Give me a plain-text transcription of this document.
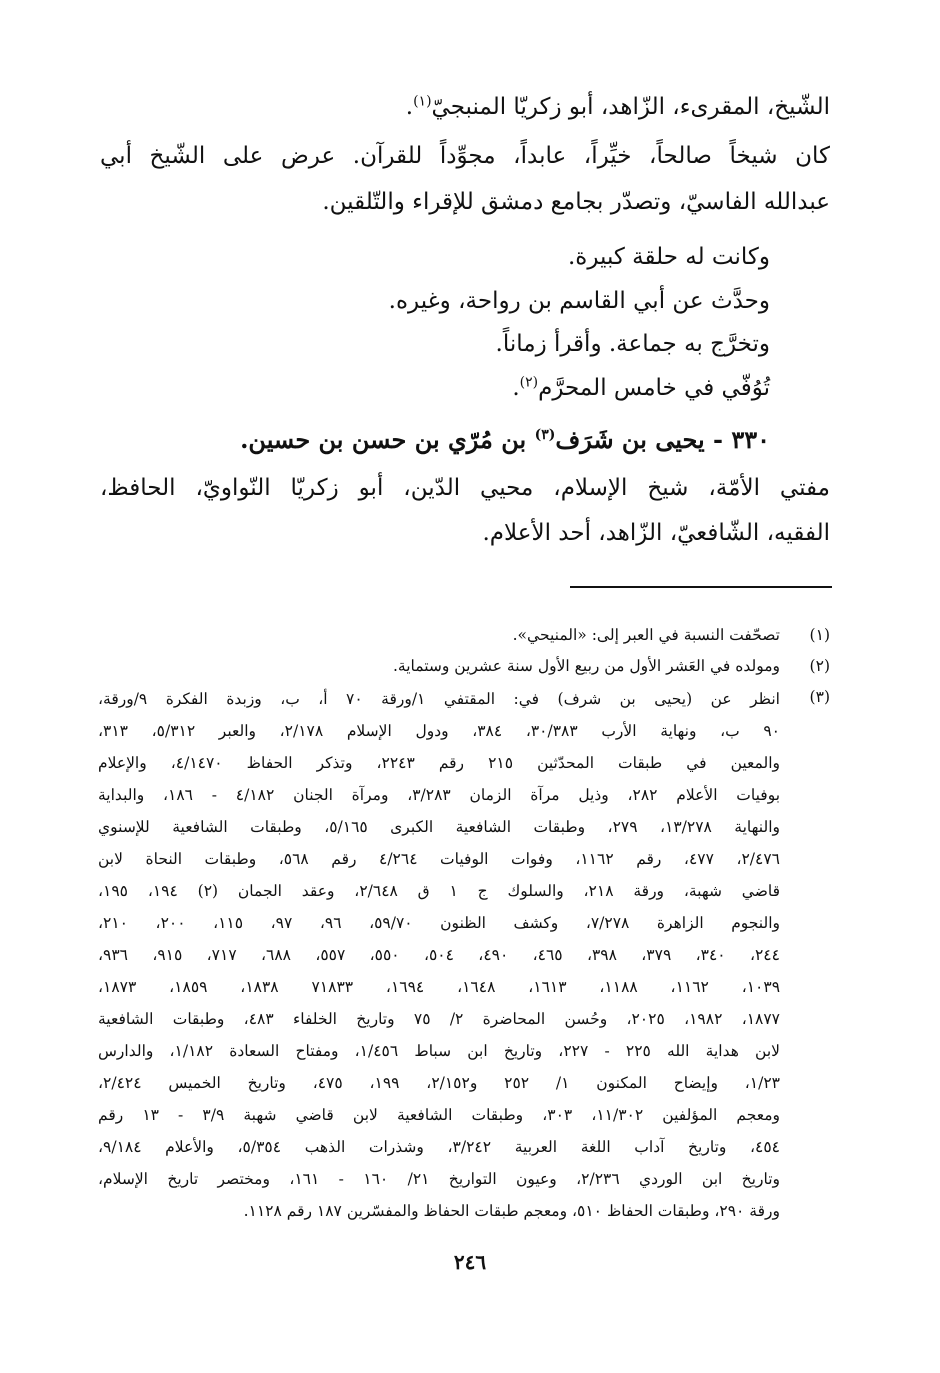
الشّيخ، المقرىء، الزّاهد، أبو زكريّا المنبجيّ$^{(١)}$.
كان شيخاً صالحاً، خيِّراً، عابداً، مجوِّداً للقرآن. عرض على الشّيخ أبي
عبدالله الفاسيّ، وتصدّر بجامع دمشق للإقراء والتّلقين.
وكانت له حلقة كبيرة.
وحدَّث عن أبي القاسم بن رواحة، وغيره.
وتخرَّج به جماعة. وأقرأ زماناً.
تُوُفّي في خامس المحرَّم$^{(٢)}$.
٣٣٠ - يحيى بن شَرَف$^{(٣)}$ بن مُرّي بن حسن بن حسين.
مفتي الأمّة، شيخ الإسلام، محيي الدّين، أبو زكريّا النّواويّ، الحافظ،
الفقيه، الشّافعيّ، الزّاهد، أحد الأعلام.
(١)
تصحّفت النسبة في العبر إلى: «المنيحي».
(٢)
ومولده في العَشر الأول من ربيع الأول سنة عشرين وستماية.
(٣)
انظر عن (يحيى بن شرف) في: المقتفي ١/ورقة ٧٠ أ، ب، وزبدة الفكرة ٩/ورقة،
٩٠ ب، ونهاية الأرب ٣٠/٣٨٣، ٣٨٤، ودول الإسلام ٢/١٧٨، والعبر ٥/٣١٢، ٣١٣،
والمعين في طبقات المحدّثين ٢١٥ رقم ٢٢٤٣، وتذكر الحفاظ ٤/١٤٧٠، والإعلام
بوفيات الأعلام ٢٨٢، وذيل مرآة الزمان ٣/٢٨٣، ومرآة الجنان ٤/١٨٢ - ١٨٦، والبداية
والنهاية ١٣/٢٧٨، ٢٧٩، وطبقات الشافعية الكبرى ٥/١٦٥، وطبقات الشافعية للإسنوي
٢/٤٧٦، ٤٧٧، رقم ١١٦٢، وفوات الوفيات ٤/٢٦٤ رقم ٥٦٨، وطبقات النحاة لابن
قاضي شهبة، ورقة ٢١٨، والسلوك ج ١ ق ٢/٦٤٨، وعقد الجمان (٢) ١٩٤، ١٩٥،
والنجوم الزاهرة ٧/٢٧٨، وكشف الظنون ٥٩/٧٠، ٩٦، ٩٧، ١١٥، ٢٠٠، ٢١٠،
٢٤٤، ٣٤٠، ٣٧٩، ٣٩٨، ٤٦٥، ٤٩٠، ٥٠٤، ٥٥٠، ٥٥٧، ٦٨٨، ٧١٧، ٩١٥، ٩٣٦،
١٠٣٩، ١١٦٢، ١١٨٨، ١٦١٣، ١٦٤٨، ١٦٩٤، ٧١٨٣٣ ١٨٣٨، ١٨٥٩، ١٨٧٣،
١٨٧٧، ١٩٨٢، ٢٠٢٥، وحُسن المحاضرة ٢/ ٧٥ وتاريخ الخلفاء ٤٨٣، وطبقات الشافعية
لابن هداية الله ٢٢٥ - ٢٢٧، وتاريخ ابن سباط ١/٤٥٦، ومفتاح السعادة ١/١٨٢، والدارس
١/٢٣، وإيضاح المكنون ١/ ٢٥٢ و٢/١٥٢، ١٩٩، ٤٧٥، وتاريخ الخميس ٢/٤٢٤،
ومعجم المؤلفين ١١/٣٠٢، ٣٠٣، وطبقات الشافعية لابن قاضي شهبة ٣/٩ - ١٣ رقم
٤٥٤، وتاريخ آداب اللغة العربية ٣/٢٤٢، وشذرات الذهب ٥/٣٥٤، والأعلام ٩/١٨٤،
وتاريخ ابن الوردي ٢/٢٣٦، وعيون التواريخ ٢١/ ١٦٠ - ١٦١، ومختصر تاريخ الإسلام،
ورقة ٢٩٠، وطبقات الحفاظ ٥١٠، ومعجم طبقات الحفاظ والمفسّرين ١٨٧ رقم ١١٢٨.
٢٤٦
